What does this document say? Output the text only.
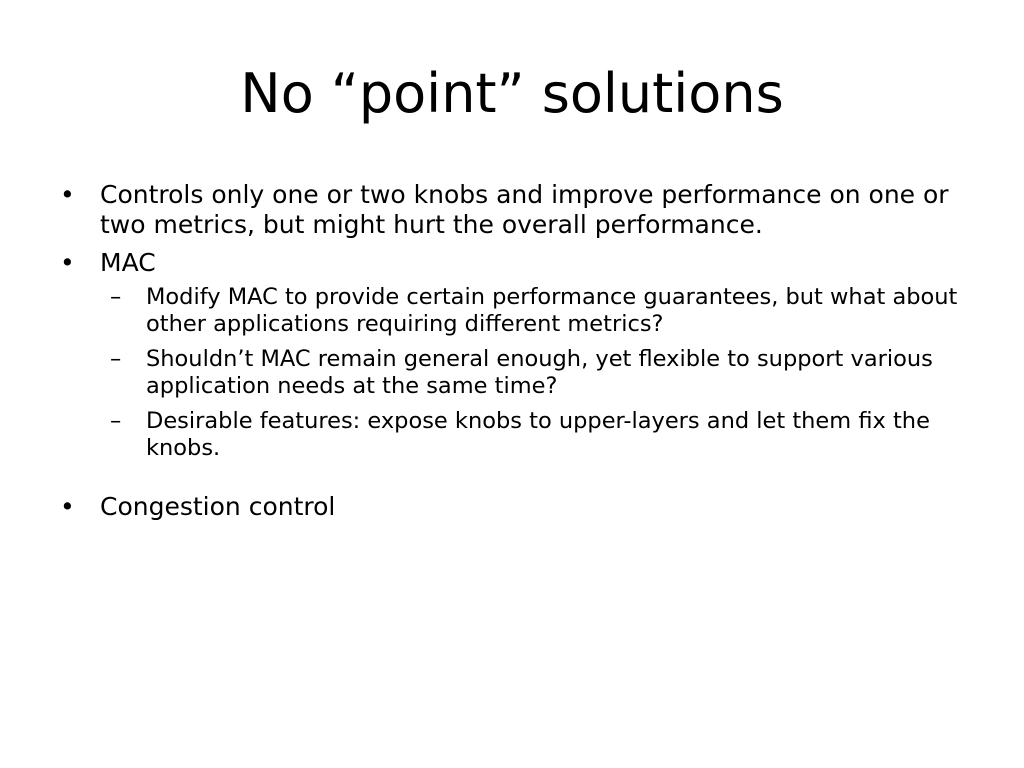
No “point” solutions
• Controls only one or two knobs and improve performance on one or two metrics, but might hurt the overall performance.
• MAC
–	Modify MAC to provide certain performance guarantees, but what about other applications requiring different metrics?
–	Shouldn’t MAC remain general enough, yet flexible to support various application needs at the same time?
–	Desirable features: expose knobs to upper-layers and let them fix the knobs.
• Congestion control
